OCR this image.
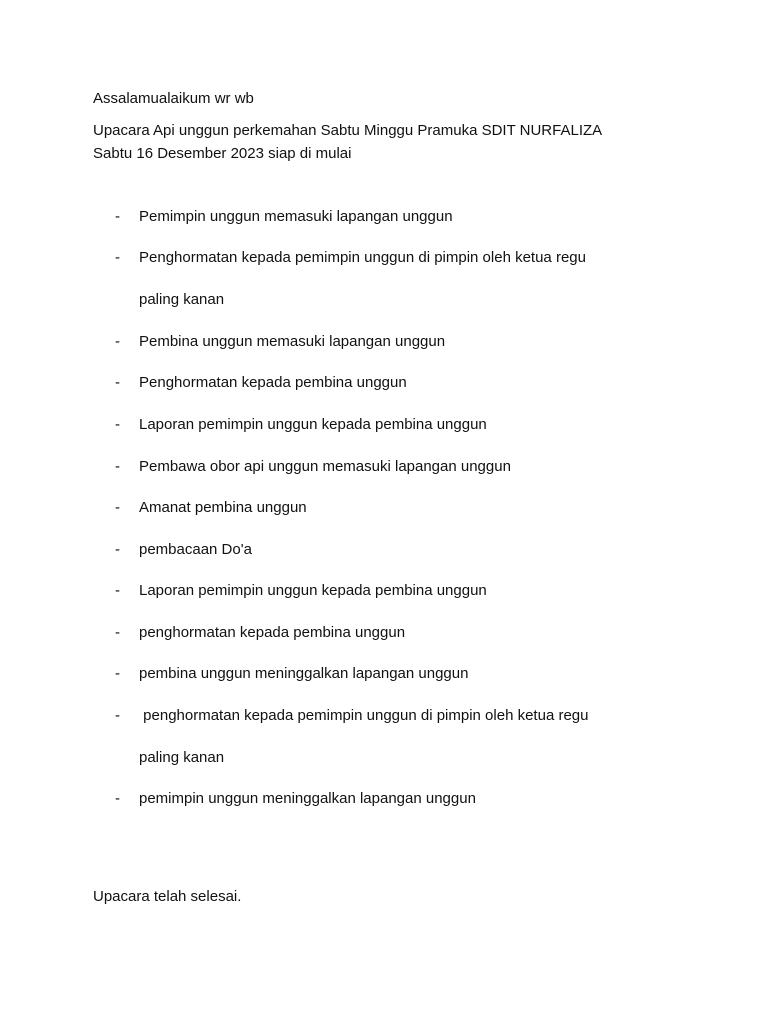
Assalamualaikum wr wb
Upacara Api unggun perkemahan Sabtu Minggu Pramuka SDIT NURFALIZA
Sabtu 16 Desember 2023 siap di mulai
- Pemimpin unggun memasuki lapangan unggun
- Penghormatan kepada pemimpin unggun di pimpin oleh ketua regu
paling kanan
- Pembina unggun memasuki lapangan unggun
- Penghormatan kepada pembina unggun
- Laporan pemimpin unggun kepada pembina unggun
- Pembawa obor api unggun memasuki lapangan unggun
- Amanat pembina unggun
- pembacaan Do'a
- Laporan pemimpin unggun kepada pembina unggun
- penghormatan kepada pembina unggun
- pembina unggun meninggalkan lapangan unggun
- penghormatan kepada pemimpin unggun di pimpin oleh ketua regu
paling kanan
- pemimpin unggun meninggalkan lapangan unggun
Upacara telah selesai.
